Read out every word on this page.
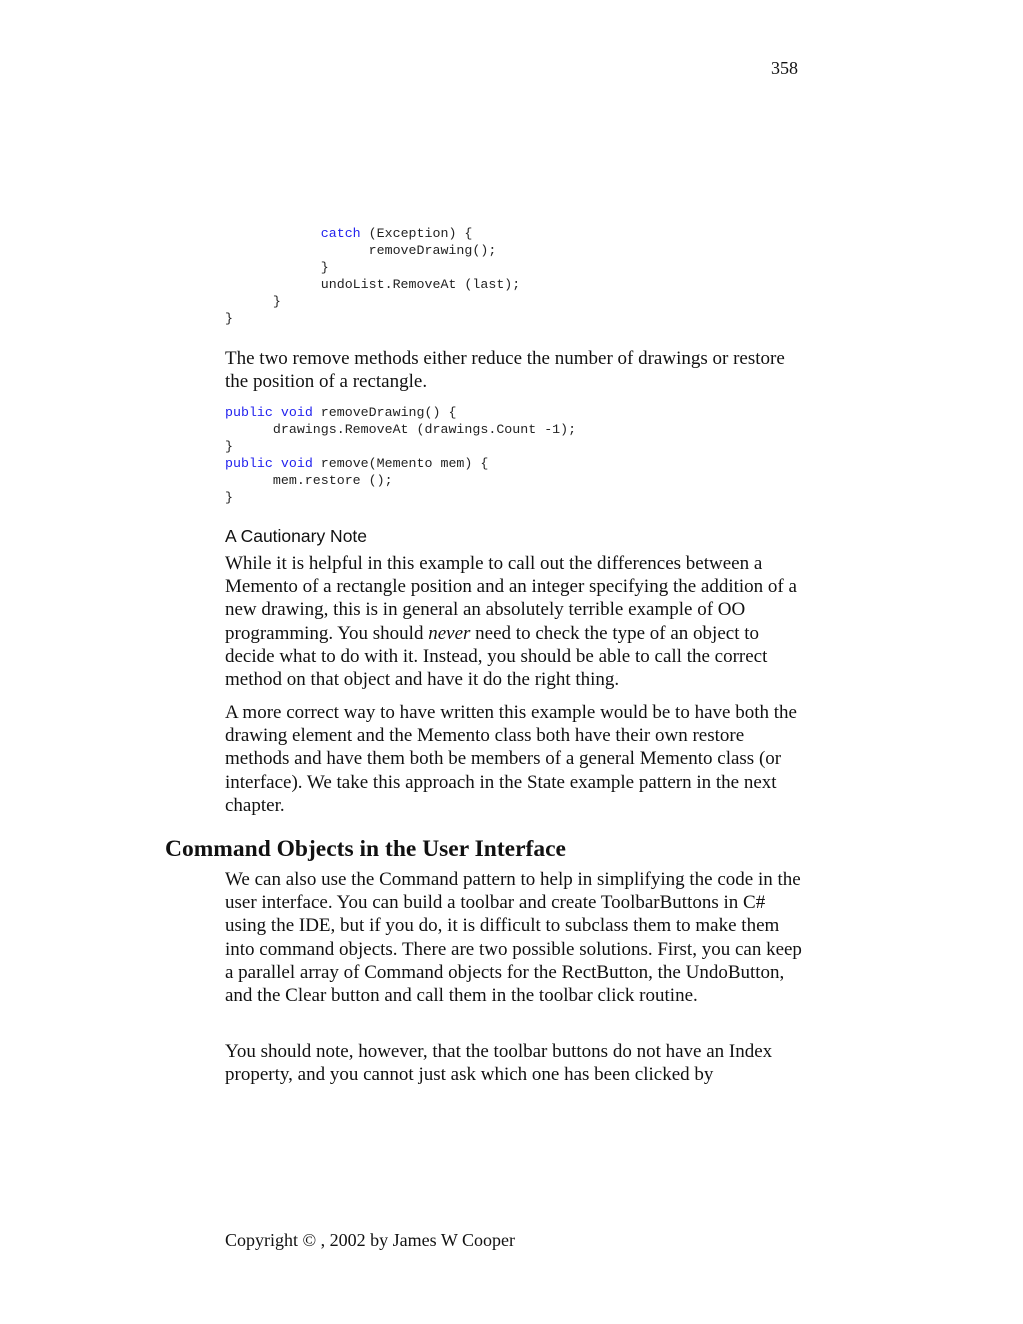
358
catch (Exception) {
removeDrawing();
}
undoList.RemoveAt (last);
}
}

The two remove methods either reduce the number of drawings or restore the position of a rectangle.

public void removeDrawing() {
drawings.RemoveAt (drawings.Count -1);
}
public void remove(Memento mem) {
mem.restore ();
}
A Cautionary Note

While it is helpful in this example to call out the differences between a Memento of a rectangle position and an integer specifying the addition of a new drawing, this is in general an absolutely terrible example of OO programming. You should never need to check the type of an object to decide what to do with it. Instead, you should be able to call the correct method on that object and have it do the right thing.

A more correct way to have written this example would be to have both the drawing element and the Memento class both have their own restore methods and have them both be members of a general Memento class (or interface). We take this approach in the State example pattern in the next chapter.

Command Objects in the User Interface

We can also use the Command pattern to help in simplifying the code in the user interface. You can build a toolbar and create ToolbarButtons in C# using the IDE, but if you do, it is difficult to subclass them to make them into command objects. There are two possible solutions. First, you can keep a parallel array of Command objects for the RectButton, the UndoButton, and the Clear button and call them in the toolbar click routine.

You should note, however, that the toolbar buttons do not have an Index property, and you cannot just ask which one has been clicked by

Copyright © , 2002 by James W Cooper
